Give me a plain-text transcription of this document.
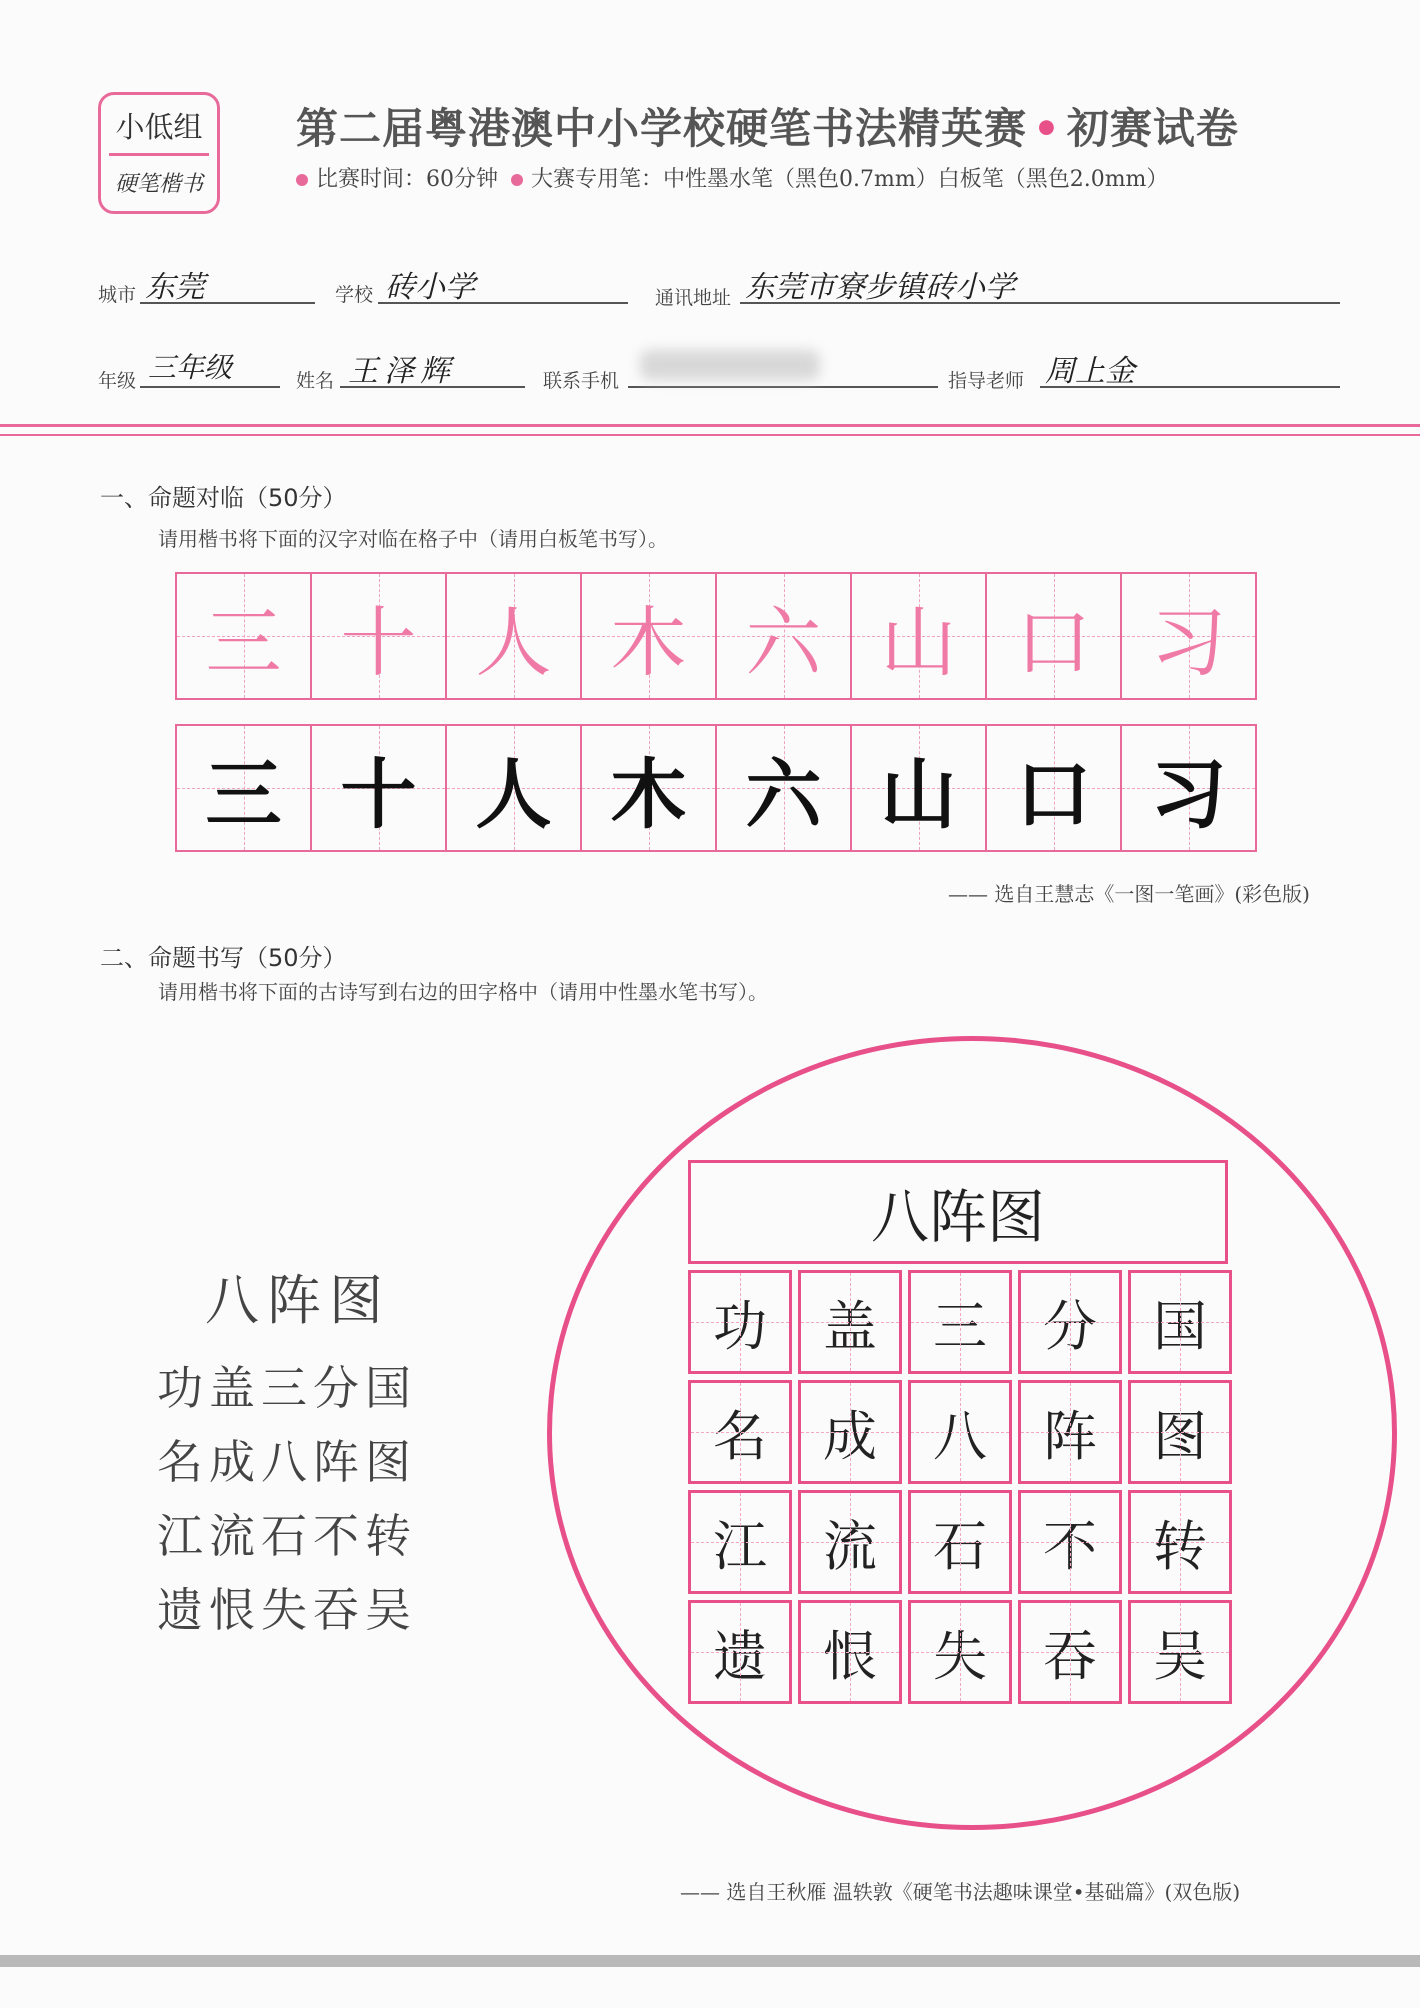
小低组
硬笔楷书
第二届粤港澳中小学校硬笔书法精英赛 • 初赛试卷
比赛时间：60分钟 大赛专用笔：中性墨水笔（黑色0.7mm）白板笔（黑色2.0mm）
城市 东莞	学校 砖小学	通讯地址 东莞市寮步镇砖小学
年级 三年级	姓名 王泽辉	联系手机	指导老师 周上金
一、命题对临（50分）
请用楷书将下面的汉字对临在格子中（请用白板笔书写）。
三 十 人 木 六 山 口 习
三 十 人 木 六 山 口 习
—— 选自王慧志《一图一笔画》(彩色版)
二、命题书写（50分）
请用楷书将下面的古诗写到右边的田字格中（请用中性墨水笔书写）。
八阵图
功盖三分国
名成八阵图
江流石不转
遗恨失吞吴
八阵图
功 盖 三 分 国
名 成 八 阵 图
江 流 石 不 转
遗 恨 失 吞 吴
—— 选自王秋雁 温轶敦《硬笔书法趣味课堂•基础篇》(双色版)
